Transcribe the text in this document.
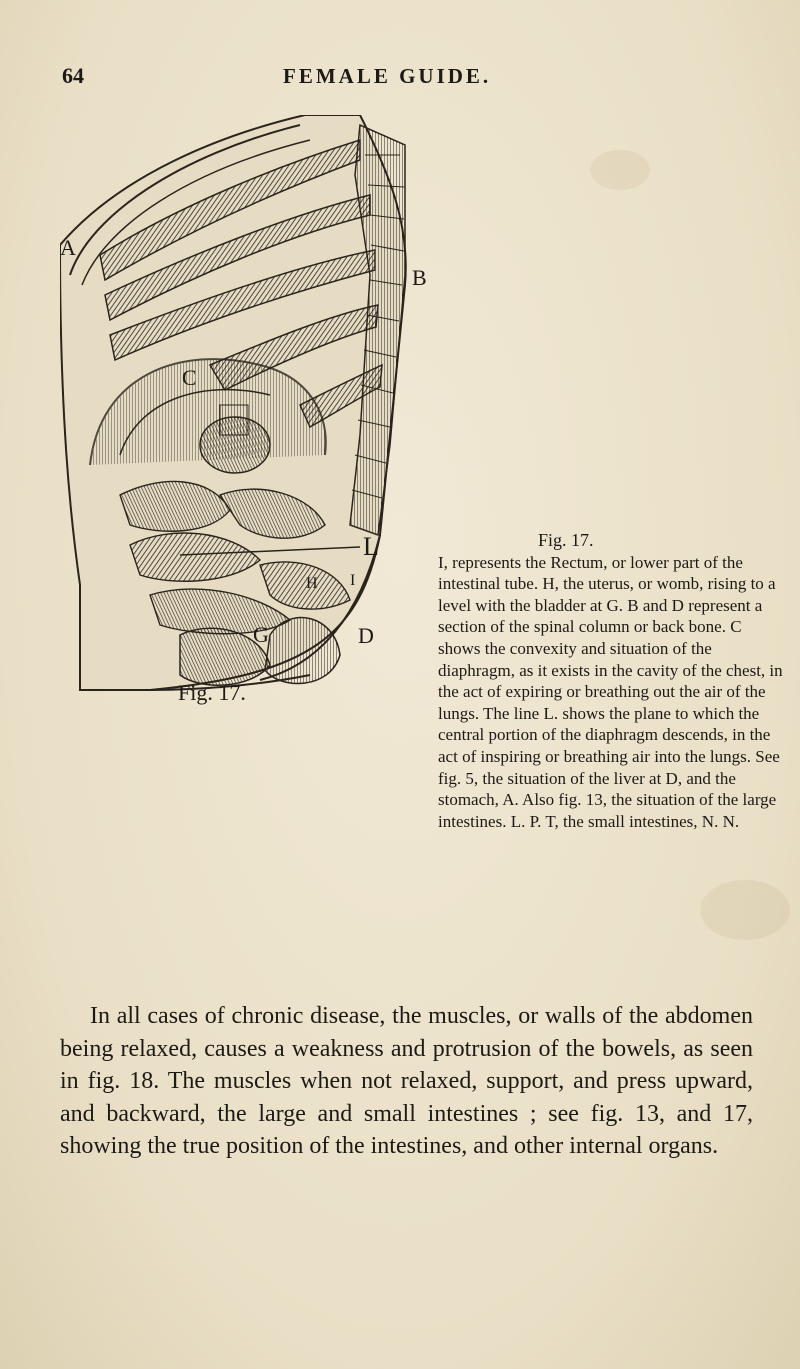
64	FEMALE GUIDE.
A
B
C
D
G
H I
L
Fig. 17.
Fig. 17.
I, represents the Rectum, or lower part of the intestinal tube. H, the uterus, or womb, rising to a level with the bladder at G. B and D represent a section of the spinal column or back bone. C shows the convexity and situation of the diaphragm, as it exists in the cavity of the chest, in the act of expiring or breathing out the air of the lungs. The line L. shows the plane to which the central portion of the diaphragm descends, in the act of inspiring or breathing air into the lungs. See fig. 5, the situation of the liver at D, and the stomach, A. Also fig. 13, the situation of the large intestines. L. P. T, the small intestines, N. N.
In all cases of chronic disease, the muscles, or walls of the abdomen being relaxed, causes a weakness and protrusion of the bowels, as seen in fig. 18. The muscles when not relaxed, support, and press upward, and backward, the large and small intestines ; see fig. 13, and 17, showing the true position of the intestines, and other internal organs.
